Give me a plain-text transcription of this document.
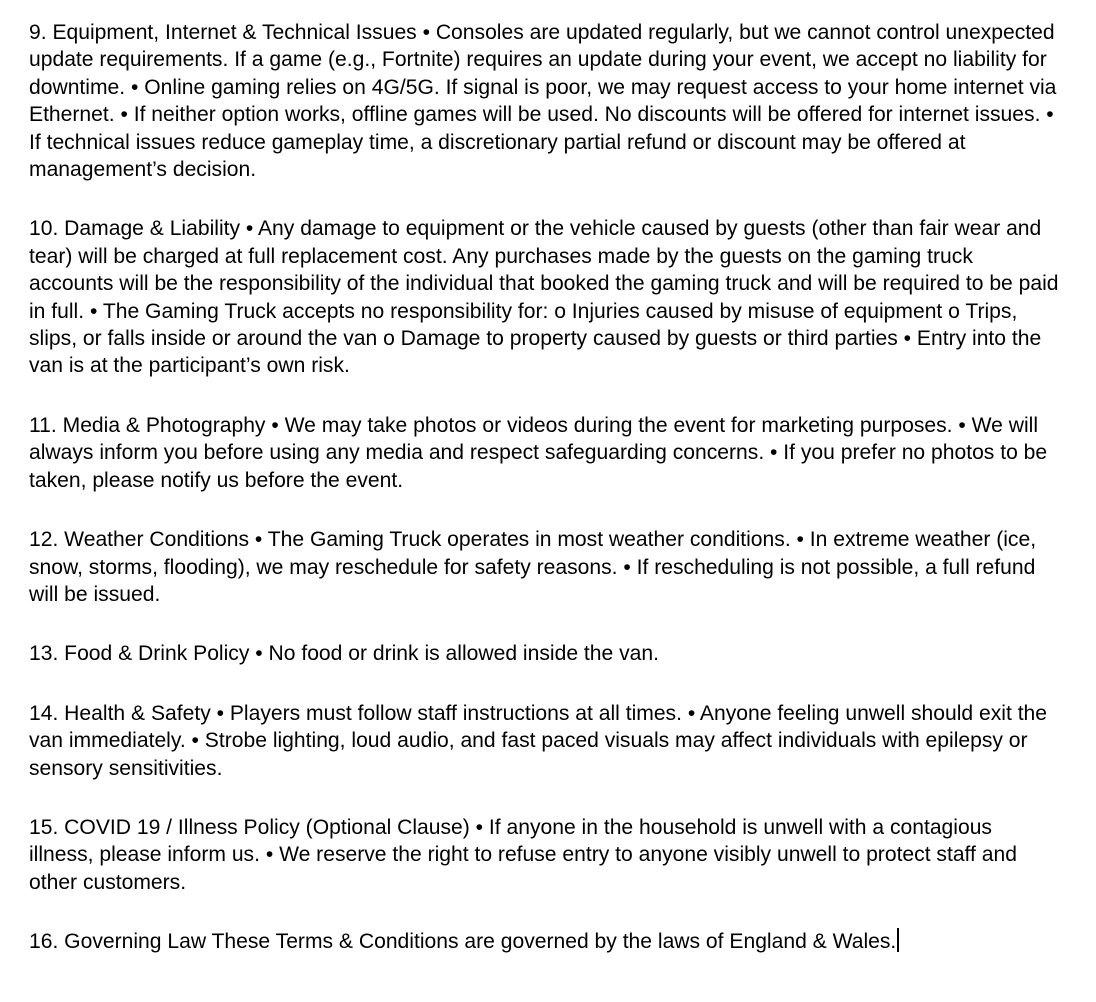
9. Equipment, Internet & Technical Issues • Consoles are updated regularly, but we cannot control unexpected update requirements. If a game (e.g., Fortnite) requires an update during your event, we accept no liability for downtime. • Online gaming relies on 4G/5G. If signal is poor, we may request access to your home internet via Ethernet. • If neither option works, offline games will be used. No discounts will be offered for internet issues. • If technical issues reduce gameplay time, a discretionary partial refund or discount may be offered at management’s decision.

10. Damage & Liability • Any damage to equipment or the vehicle caused by guests (other than fair wear and tear) will be charged at full replacement cost. Any purchases made by the guests on the gaming truck accounts will be the responsibility of the individual that booked the gaming truck and will be required to be paid in full. • The Gaming Truck accepts no responsibility for: o Injuries caused by misuse of equipment o Trips, slips, or falls inside or around the van o Damage to property caused by guests or third parties • Entry into the van is at the participant’s own risk.

11. Media & Photography • We may take photos or videos during the event for marketing purposes. • We will always inform you before using any media and respect safeguarding concerns. • If you prefer no photos to be taken, please notify us before the event.

12. Weather Conditions • The Gaming Truck operates in most weather conditions. • In extreme weather (ice, snow, storms, flooding), we may reschedule for safety reasons. • If rescheduling is not possible, a full refund will be issued.

13. Food & Drink Policy • No food or drink is allowed inside the van.

14. Health & Safety • Players must follow staff instructions at all times. • Anyone feeling unwell should exit the van immediately. • Strobe lighting, loud audio, and fast paced visuals may affect individuals with epilepsy or sensory sensitivities.

15. COVID 19 / Illness Policy (Optional Clause) • If anyone in the household is unwell with a contagious illness, please inform us. • We reserve the right to refuse entry to anyone visibly unwell to protect staff and other customers.

16. Governing Law These Terms & Conditions are governed by the laws of England & Wales.
